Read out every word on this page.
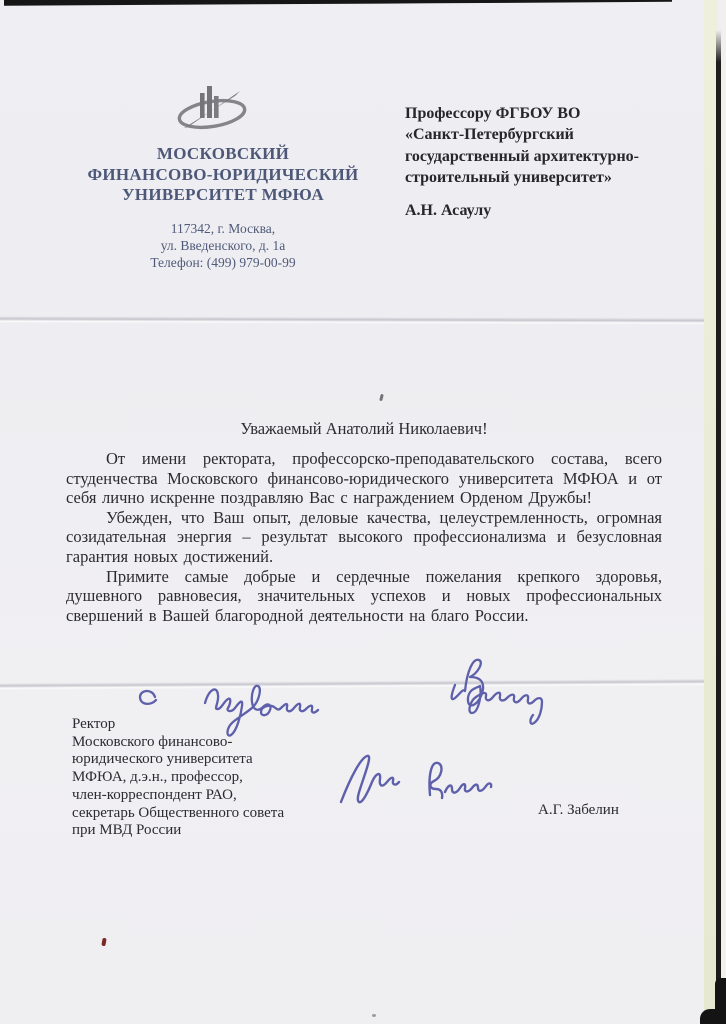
МОСКОВСКИЙ
ФИНАНСОВО-ЮРИДИЧЕСКИЙ
УНИВЕРСИТЕТ МФЮА
117342, г. Москва,
ул. Введенского, д. 1а
Телефон: (499) 979-00-99
Профессору ФГБОУ ВО
«Санкт-Петербургский
государственный архитектурно-
строительный университет»
А.Н. Асаулу
Уважаемый Анатолий Николаевич!

От имени ректората, профессорско-преподавательского состава, всего студенчества Московского финансово-юридического университета МФЮА и от себя лично искренне поздравляю Вас с награждением Орденом Дружбы!

Убежден, что Ваш опыт, деловые качества, целеустремленность, огромная созидательная энергия – результат высокого профессионализма и безусловная гарантия новых достижений.

Примите самые добрые и сердечные пожелания крепкого здоровья, душевного равновесия, значительных успехов и новых профессиональных свершений в Вашей благородной деятельности на благо России.

Ректор
Московского финансово-
юридического университета
МФЮА, д.э.н., профессор,
член-корреспондент РАО,
секретарь Общественного совета
при МВД России
А.Г. Забелин
